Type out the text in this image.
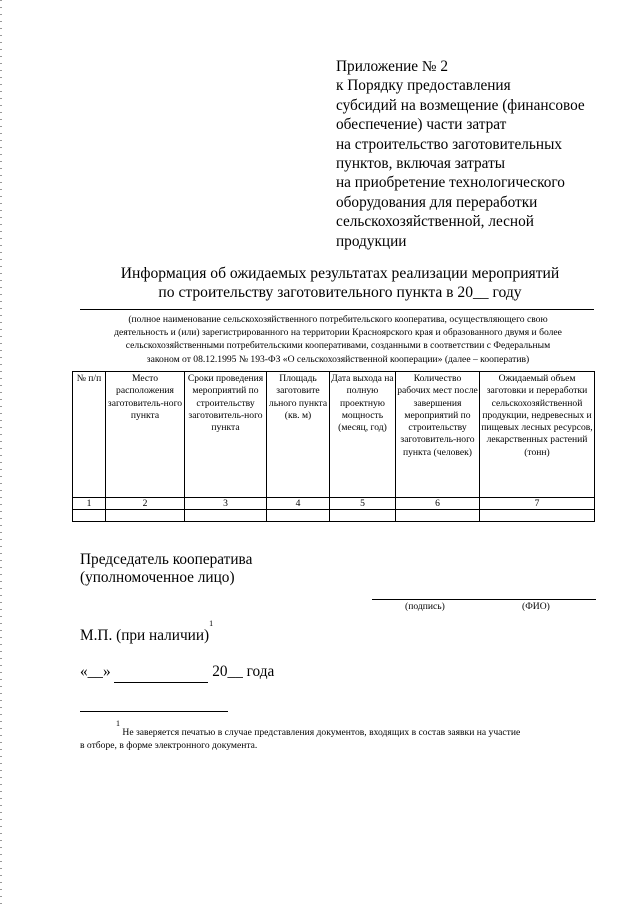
Приложение № 2
к Порядку предоставления
субсидий на возмещение (финансовое
обеспечение) части затрат
на строительство заготовительных
пунктов, включая затраты
на приобретение технологического
оборудования для переработки
сельскохозяйственной, лесной
продукции
Информация об ожидаемых результатах реализации мероприятий
по строительству заготовительного пункта в 20__ году
(полное наименование сельскохозяйственного потребительского кооператива, осуществляющего свою
деятельность и (или) зарегистрированного на территории Красноярского края и образованного двумя и более
сельскохозяйственными потребительскими кооперативами, созданными в соответствии с Федеральным
законом от 08.12.1995 № 193-ФЗ «О сельскохозяйственной кооперации» (далее – кооператив)
№ п/п	Место расположения заготовитель-ного пункта	Сроки проведения мероприятий по строительству заготовитель-ного пункта	Площадь заготовите льного пункта (кв. м)	Дата выхода на полную проектную мощность (месяц, год)	Количество рабочих мест после завершения мероприятий по строительству заготовитель-ного пункта (человек)	Ожидаемый объем заготовки и переработки сельскохозяйственной продукции, недревесных и пищевых лесных ресурсов, лекарственных растений (тонн)
1	2	3	4	5	6	7

Председатель кооператива
(уполномоченное лицо)
(подпись)	(ФИО)
М.П. (при наличии)$^1$
«__»	20__ года
$^1$ Не заверяется печатью в случае представления документов, входящих в состав заявки на участие
в отборе, в форме электронного документа.
